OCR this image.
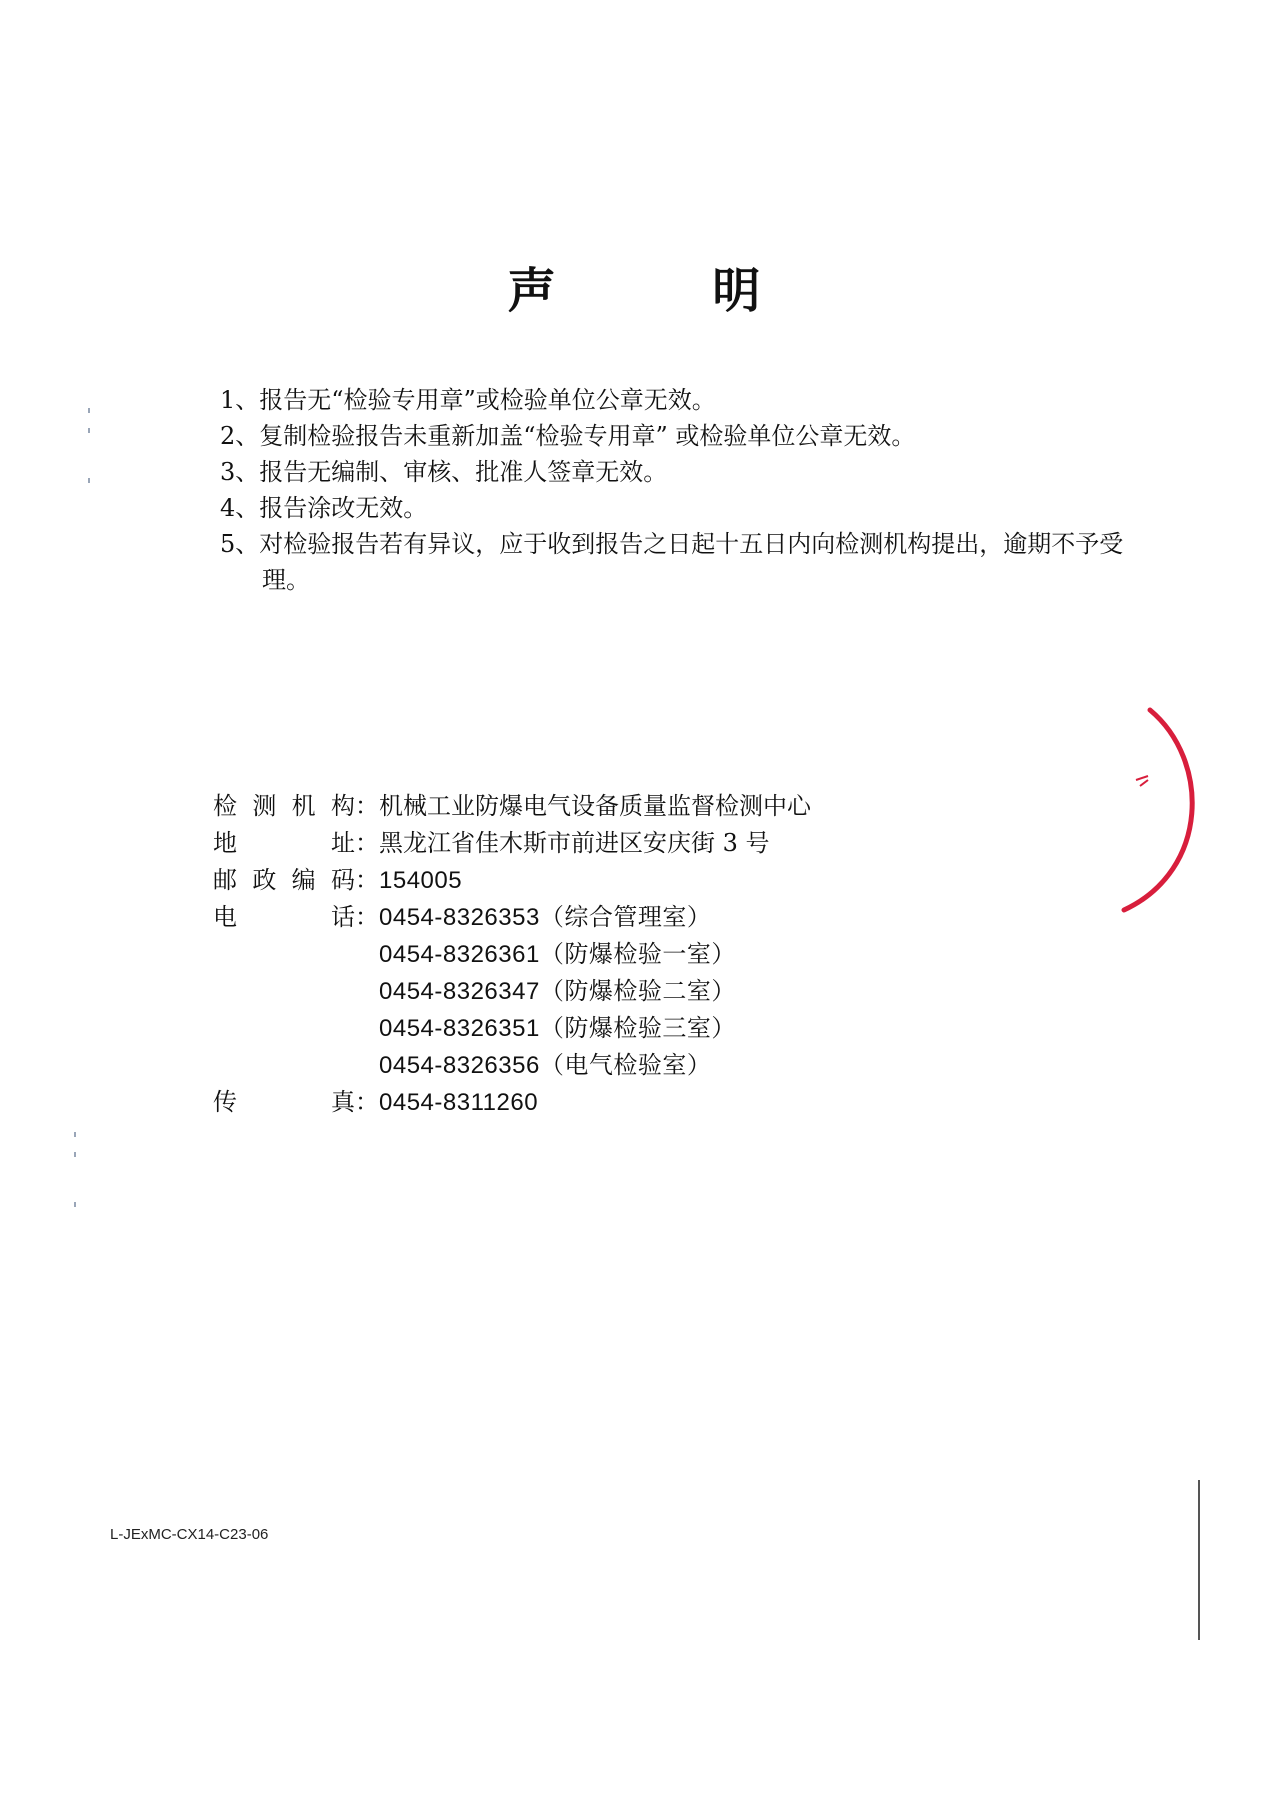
声 明
1、报告无“检验专用章”或检验单位公章无效。
2、复制检验报告未重新加盖“检验专用章” 或检验单位公章无效。
3、报告无编制、审核、批准人签章无效。
4、报告涂改无效。
5、对检验报告若有异议，应于收到报告之日起十五日内向检测机构提出，逾期不予受理。
检测机构 ： 机械工业防爆电气设备质量监督检测中心
地址 ： 黑龙江省佳木斯市前进区安庆街 3 号
邮政编码 ： 154005
电话 ： 0454-8326353（综合管理室）
0454-8326361（防爆检验一室）
0454-8326347（防爆检验二室）
0454-8326351（防爆检验三室）
0454-8326356（电气检验室）
传真 ： 0454-8311260
L-JExMC-CX14-C23-06
